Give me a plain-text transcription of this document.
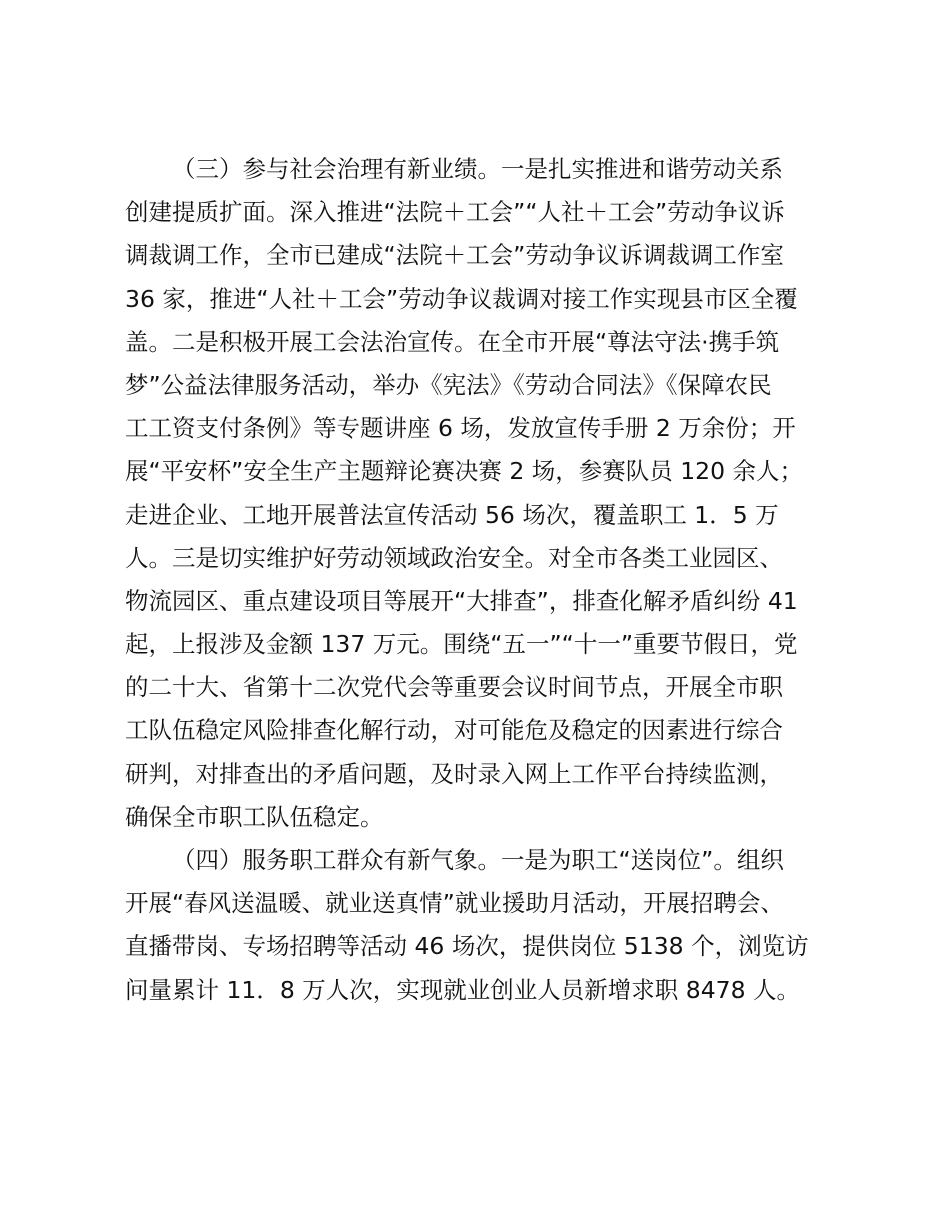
（三）参与社会治理有新业绩。一是扎实推进和谐劳动关系
创建提质扩面。深入推进“法院＋工会”“人社＋工会”劳动争议诉
调裁调工作，全市已建成“法院＋工会”劳动争议诉调裁调工作室
36 家，推进“人社＋工会”劳动争议裁调对接工作实现县市区全覆
盖。二是积极开展工会法治宣传。在全市开展“尊法守法·携手筑
梦”公益法律服务活动，举办《宪法》《劳动合同法》《保障农民
工工资支付条例》等专题讲座 6 场，发放宣传手册 2 万余份；开
展“平安杯”安全生产主题辩论赛决赛 2 场，参赛队员 120 余人；
走进企业、工地开展普法宣传活动 56 场次，覆盖职工 1．5 万
人。三是切实维护好劳动领域政治安全。对全市各类工业园区、
物流园区、重点建设项目等展开“大排查”，排查化解矛盾纠纷 41
起，上报涉及金额 137 万元。围绕“五一”“十一”重要节假日，党
的二十大、省第十二次党代会等重要会议时间节点，开展全市职
工队伍稳定风险排查化解行动，对可能危及稳定的因素进行综合
研判，对排查出的矛盾问题，及时录入网上工作平台持续监测，
确保全市职工队伍稳定。
（四）服务职工群众有新气象。一是为职工“送岗位”。组织
开展“春风送温暖、就业送真情”就业援助月活动，开展招聘会、
直播带岗、专场招聘等活动 46 场次，提供岗位 5138 个，浏览访
问量累计 11．8 万人次，实现就业创业人员新增求职 8478 人。
